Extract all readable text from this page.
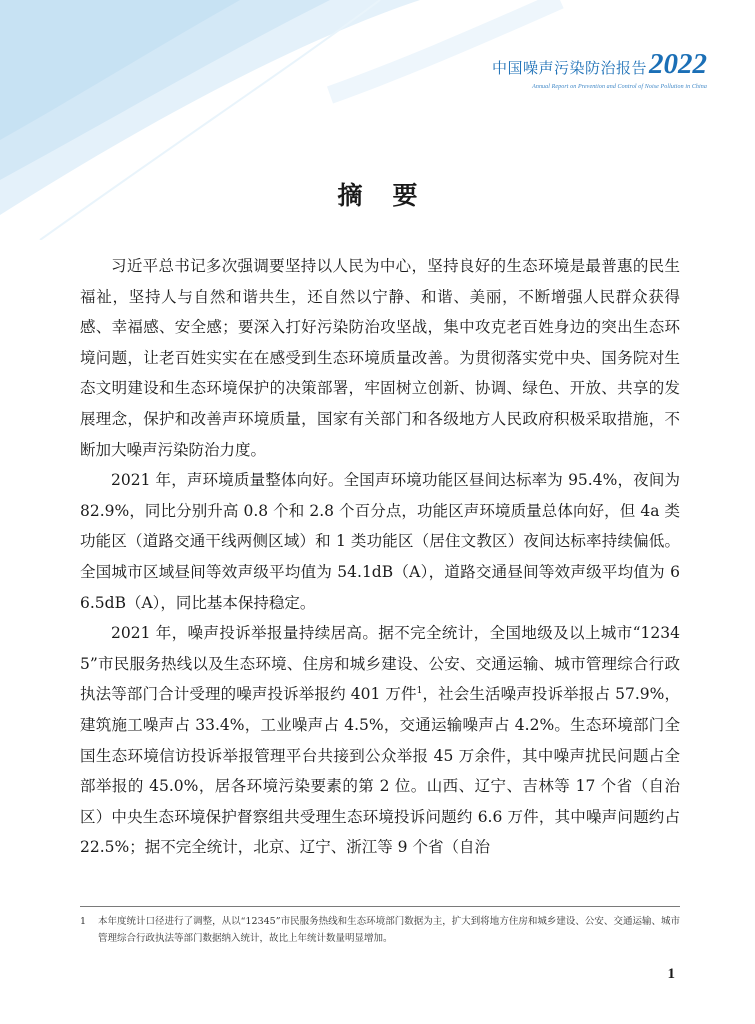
中国噪声污染防治报告 2022
Annual Report on Prevention and Control of Noise Pollution in China
摘要

习近平总书记多次强调要坚持以人民为中心，坚持良好的生态环境是最普惠的民生福祉，坚持人与自然和谐共生，还自然以宁静、和谐、美丽，不断增强人民群众获得感、幸福感、安全感；要深入打好污染防治攻坚战，集中攻克老百姓身边的突出生态环境问题，让老百姓实实在在感受到生态环境质量改善。为贯彻落实党中央、国务院对生态文明建设和生态环境保护的决策部署，牢固树立创新、协调、绿色、开放、共享的发展理念，保护和改善声环境质量，国家有关部门和各级地方人民政府积极采取措施，不断加大噪声污染防治力度。

2021 年，声环境质量整体向好。全国声环境功能区昼间达标率为 95.4%，夜间为 82.9%，同比分别升高 0.8 个和 2.8 个百分点，功能区声环境质量总体向好，但 4a 类功能区（道路交通干线两侧区域）和 1 类功能区（居住文教区）夜间达标率持续偏低。全国城市区域昼间等效声级平均值为 54.1dB（A），道路交通昼间等效声级平均值为 66.5dB（A），同比基本保持稳定。

2021 年，噪声投诉举报量持续居高。据不完全统计，全国地级及以上城市“12345”市民服务热线以及生态环境、住房和城乡建设、公安、交通运输、城市管理综合行政执法等部门合计受理的噪声投诉举报约 401 万件$^1$，社会生活噪声投诉举报占 57.9%，建筑施工噪声占 33.4%，工业噪声占 4.5%，交通运输噪声占 4.2%。生态环境部门全国生态环境信访投诉举报管理平台共接到公众举报 45 万余件，其中噪声扰民问题占全部举报的 45.0%，居各环境污染要素的第 2 位。山西、辽宁、吉林等 17 个省（自治区）中央生态环境保护督察组共受理生态环境投诉问题约 6.6 万件，其中噪声问题约占 22.5%；据不完全统计，北京、辽宁、浙江等 9 个省（自治

1	本年度统计口径进行了调整，从以“12345”市民服务热线和生态环境部门数据为主，扩大到将地方住房和城乡建设、公安、交通运输、城市管理综合行政执法等部门数据纳入统计，故比上年统计数量明显增加。
1
